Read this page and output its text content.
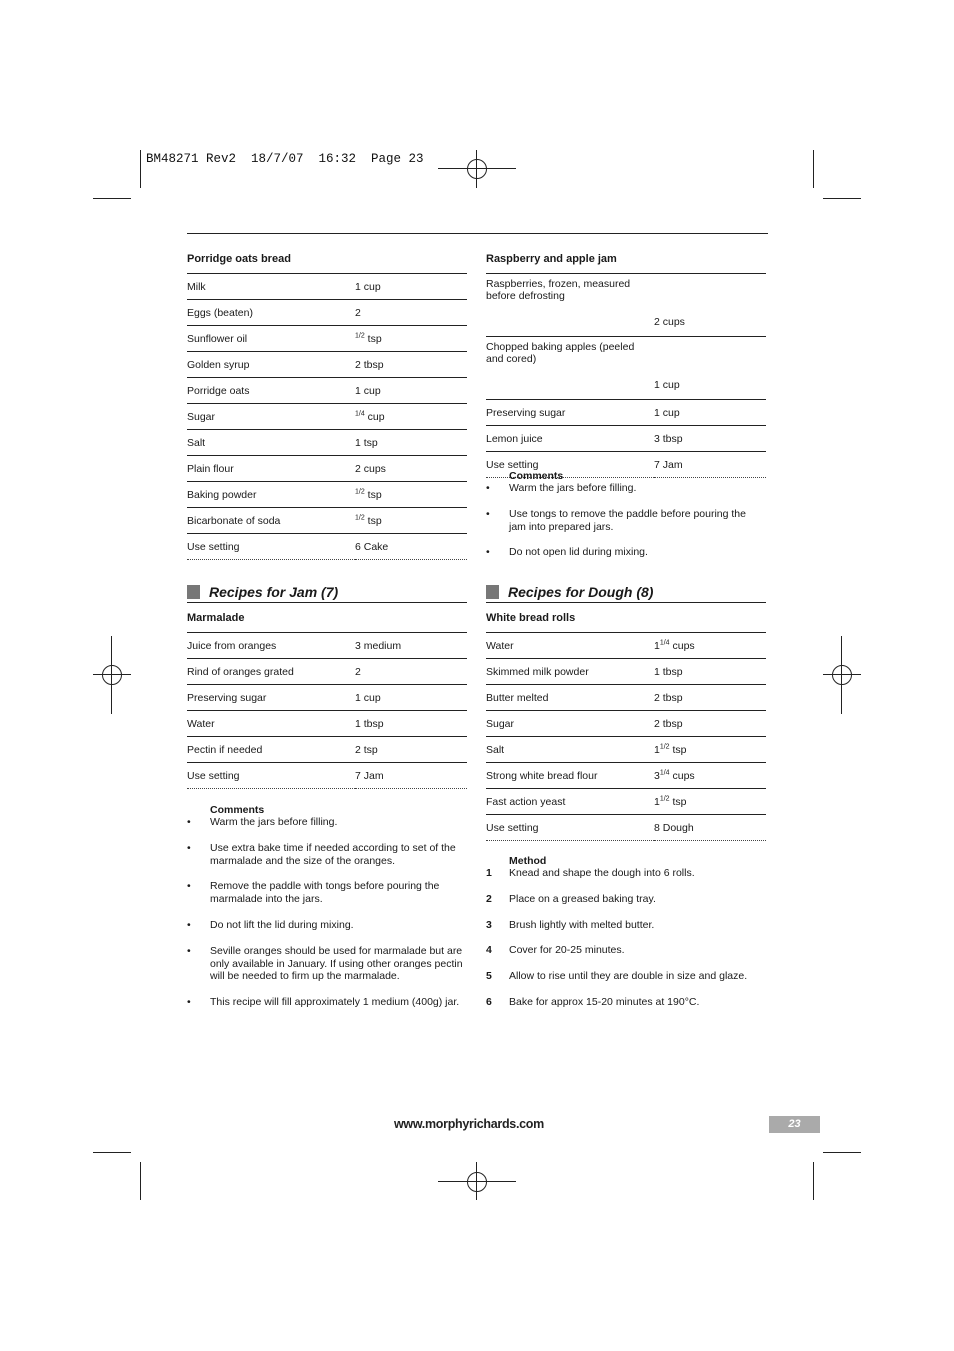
BM48271 Rev2  18/7/07  16:32  Page 23
Porridge oats bread
Milk	1 cup
Eggs (beaten)	2
Sunflower oil	$^{1/2}$ tsp
Golden syrup	2 tbsp
Porridge oats	1 cup
Sugar	$^{1/4}$ cup
Salt	1 tsp
Plain flour	2 cups
Baking powder	$^{1/2}$ tsp
Bicarbonate of soda	$^{1/2}$ tsp
Use setting	6 Cake
Recipes for Jam (7)
Marmalade
Juice from oranges	3 medium
Rind of oranges grated	2
Preserving sugar	1 cup
Water	1 tbsp
Pectin if needed	2 tsp
Use setting	7 Jam
Comments
• Warm the jars before filling.
• Use extra bake time if needed according to set of the marmalade and the size of the oranges.
• Remove the paddle with tongs before pouring the marmalade into the jars.
• Do not lift the lid during mixing.
• Seville oranges should be used for marmalade but are only available in January. If using other oranges pectin will be needed to firm up the marmalade.
• This recipe will fill approximately 1 medium (400g) jar.
Raspberry and apple jam
Raspberries, frozen, measured before defrosting	2 cups
Chopped baking apples (peeled and cored)	1 cup
Preserving sugar	1 cup
Lemon juice	3 tbsp
Use setting	7 Jam
Comments
• Warm the jars before filling.
• Use tongs to remove the paddle before pouring the jam into prepared jars.
• Do not open lid during mixing.
Recipes for Dough (8)
White bread rolls
Water	$1^{1/4}$ cups
Skimmed milk powder	1 tbsp
Butter melted	2 tbsp
Sugar	2 tbsp
Salt	$1^{1/2}$ tsp
Strong white bread flour	$3^{1/4}$ cups
Fast action yeast	$1^{1/2}$ tsp
Use setting	8 Dough
Method
1 Knead and shape the dough into 6 rolls.
2 Place on a greased baking tray.
3 Brush lightly with melted butter.
4 Cover for 20-25 minutes.
5 Allow to rise until they are double in size and glaze.
6 Bake for approx 15-20 minutes at 190°C.
www.morphyrichards.com	23
